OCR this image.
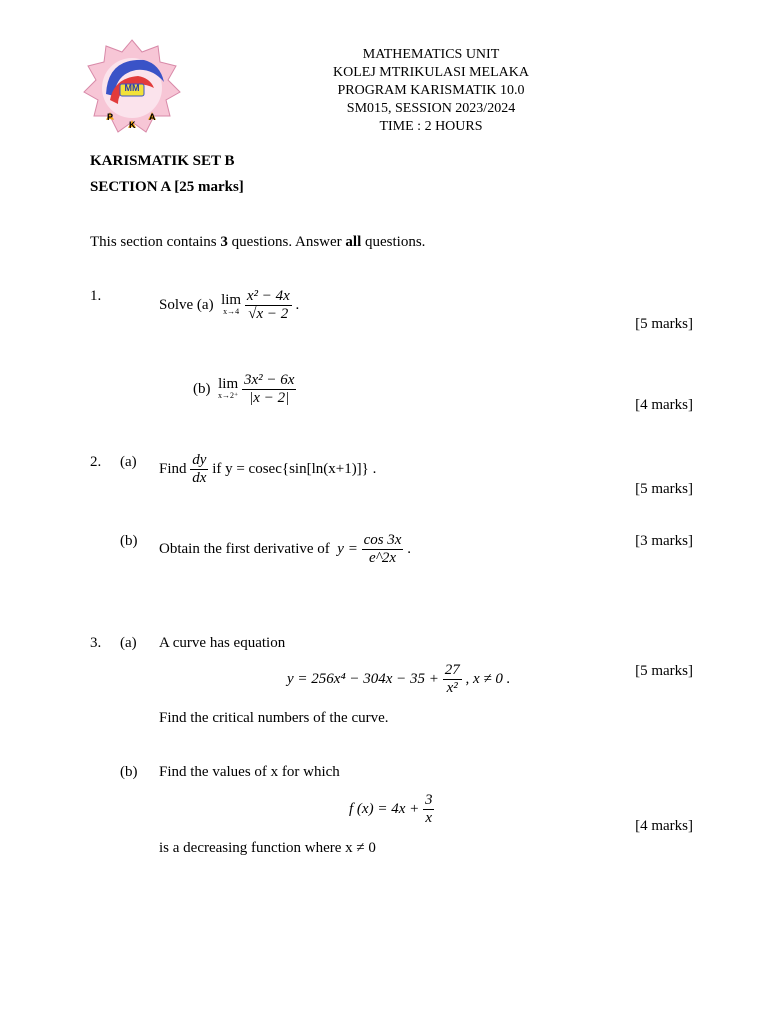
MM
P
K
A
MATHEMATICS UNIT
KOLEJ MTRIKULASI MELAKA
PROGRAM KARISMATIK 10.0
SM015, SESSION 2023/2024
TIME : 2 HOURS
KARISMATIK SET B
SECTION A [25 marks]
This section contains 3 questions. Answer all questions.
1.
Solve (a) lim
x→4
$\frac{\text{x² − 4x}}{√x - 2}$ .
[5 marks]
(b) lim
x→2⁺
$\frac{\text{3x² − 6x}}{|x - 2|}$	[4 marks]
2. (a) Find $\frac{dy}{dx}$ if y = cosec{sin[ln(x+1)]} .
[5 marks]
(b) Obtain the first derivative of $y = \frac{\cos 3x}{e\^{}2x}$ .	[3 marks]
3. (a) A curve has equation
$y = 256x^4 - 304x - 35 + \frac{27}{\text{x²}}$ , x ≠ 0 .	[5 marks]
Find the critical numbers of the curve.
(b) Find the values of x for which
f $(x) = 4x + \frac{3}{x}$	[4 marks]
is a decreasing function where x ≠ 0
